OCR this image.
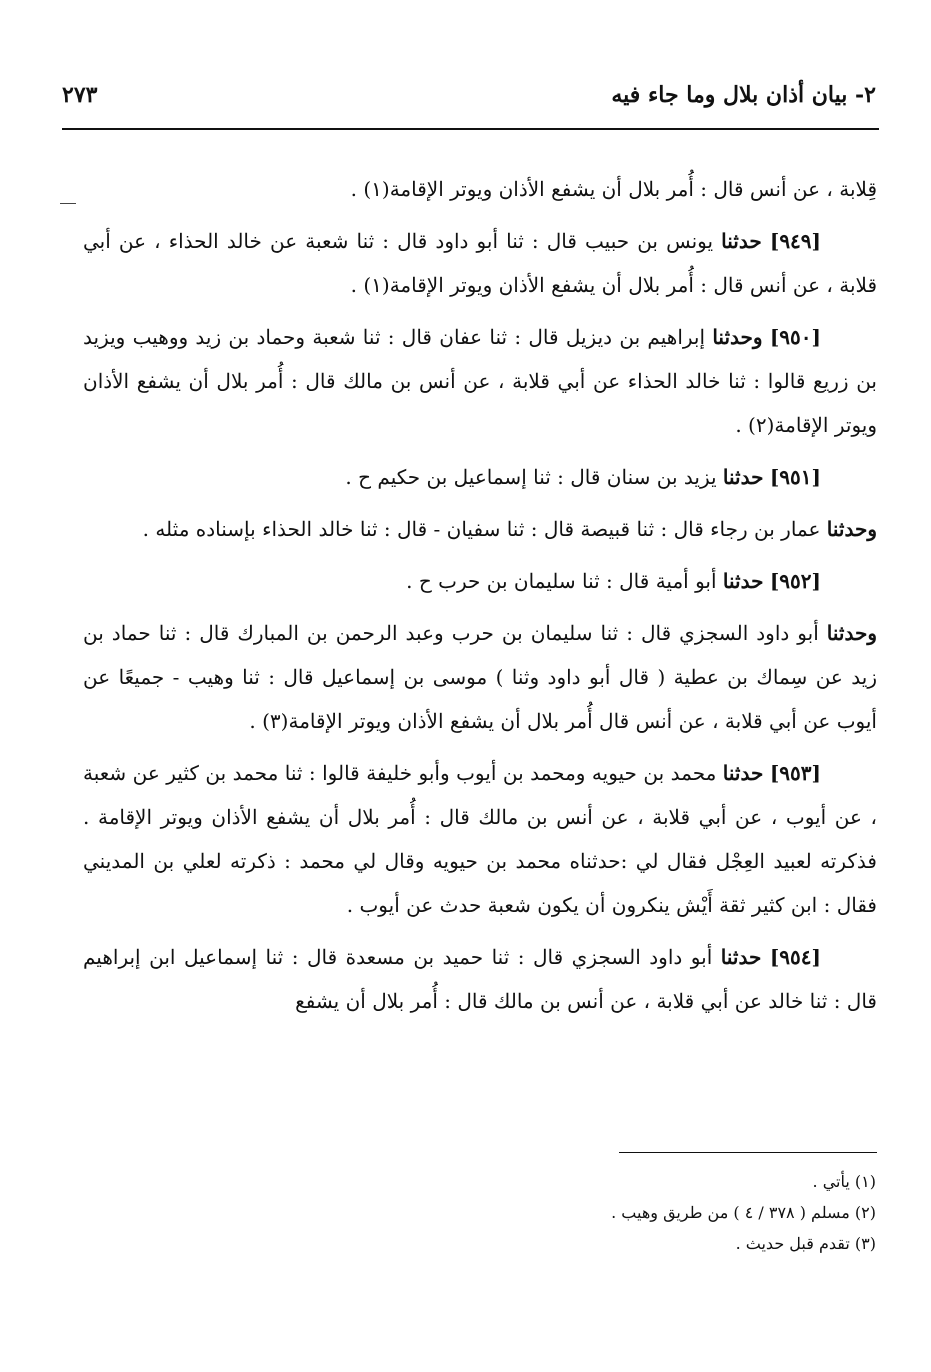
٢- بيان أذان بلال وما جاء فيه
٢٧٣

قِلابة ، عن أنس قال : أُمر بلال أن يشفع الأذان ويوتر الإقامة(١) .

[٩٤٩] حدثنا يونس بن حبيب قال : ثنا أبو داود قال : ثنا شعبة عن خالد الحذاء ، عن أبي قلابة ، عن أنس قال : أُمر بلال أن يشفع الأذان ويوتر الإقامة(١) .

[٩٥٠] وحدثنا إبراهيم بن ديزيل قال : ثنا عفان قال : ثنا شعبة وحماد بن زيد ووهيب ويزيد بن زريع قالوا : ثنا خالد الحذاء عن أبي قلابة ، عن أنس بن مالك قال : أُمر بلال أن يشفع الأذان ويوتر الإقامة(٢) .

[٩٥١] حدثنا يزيد بن سنان قال : ثنا إسماعيل بن حكيم ح .

وحدثنا عمار بن رجاء قال : ثنا قبيصة قال : ثنا سفيان - قال : ثنا خالد الحذاء بإسناده مثله .

[٩٥٢] حدثنا أبو أمية قال : ثنا سليمان بن حرب ح .

وحدثنا أبو داود السجزي قال : ثنا سليمان بن حرب وعبد الرحمن بن المبارك قال : ثنا حماد بن زيد عن سِماك بن عطية ( قال أبو داود وثنا ) موسى بن إسماعيل قال : ثنا وهيب - جميعًا عن أيوب عن أبي قلابة ، عن أنس قال أُمر بلال أن يشفع الأذان ويوتر الإقامة(٣) .

[٩٥٣] حدثنا محمد بن حيويه ومحمد بن أيوب وأبو خليفة قالوا : ثنا محمد بن كثير عن شعبة ، عن أيوب ، عن أبي قلابة ، عن أنس بن مالك قال : أُمر بلال أن يشفع الأذان ويوتر الإقامة . فذكرته لعبيد العِجْل فقال لي :حدثناه محمد بن حيويه وقال لي محمد : ذكرته لعلي بن المديني فقال : ابن كثير ثقة أَيْش ينكرون أن يكون شعبة حدث عن أيوب .

[٩٥٤] حدثنا أبو داود السجزي قال : ثنا حميد بن مسعدة قال : ثنا إسماعيل ابن إبراهيم قال : ثنا خالد عن أبي قلابة ، عن أنس بن مالك قال : أُمر بلال أن يشفع

(١) يأتي .

(٢) مسلم ( ٣٧٨ / ٤ ) من طريق وهيب .

(٣) تقدم قبل حديث .
